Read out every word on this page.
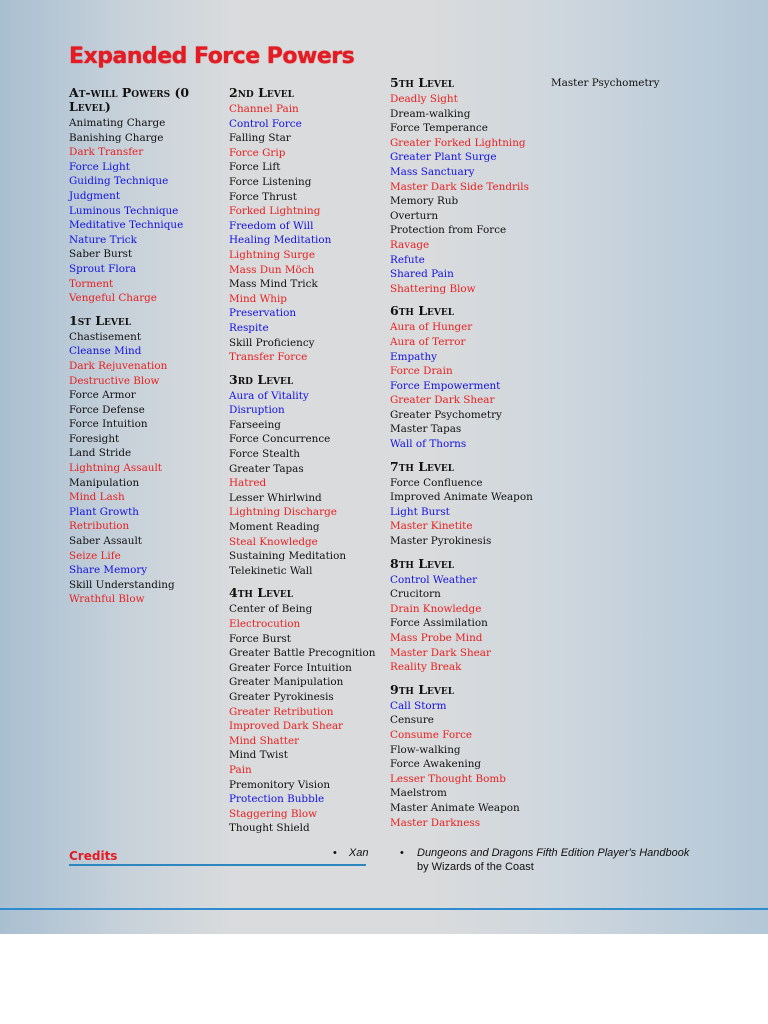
Expanded Force Powers
At-will Powers (0 Level)
Animating Charge
Banishing Charge
Dark Transfer
Force Light
Guiding Technique
Judgment
Luminous Technique
Meditative Technique
Nature Trick
Saber Burst
Sprout Flora
Torment
Vengeful Charge
1st Level
Chastisement
Cleanse Mind
Dark Rejuvenation
Destructive Blow
Force Armor
Force Defense
Force Intuition
Foresight
Land Stride
Lightning Assault
Manipulation
Mind Lash
Plant Growth
Retribution
Saber Assault
Seize Life
Share Memory
Skill Understanding
Wrathful Blow
2nd Level
Channel Pain
Control Force
Falling Star
Force Grip
Force Lift
Force Listening
Force Thrust
Forked Lightning
Freedom of Will
Healing Meditation
Lightning Surge
Mass Dun Möch
Mass Mind Trick
Mind Whip
Preservation
Respite
Skill Proficiency
Transfer Force
3rd Level
Aura of Vitality
Disruption
Farseeing
Force Concurrence
Force Stealth
Greater Tapas
Hatred
Lesser Whirlwind
Lightning Discharge
Moment Reading
Steal Knowledge
Sustaining Meditation
Telekinetic Wall
4th Level
Center of Being
Electrocution
Force Burst
Greater Battle Precognition
Greater Force Intuition
Greater Manipulation
Greater Pyrokinesis
Greater Retribution
Improved Dark Shear
Mind Shatter
Mind Twist
Pain
Premonitory Vision
Protection Bubble
Staggering Blow
Thought Shield
5th Level
Deadly Sight
Dream-walking
Force Temperance
Greater Forked Lightning
Greater Plant Surge
Mass Sanctuary
Master Dark Side Tendrils
Memory Rub
Overturn
Protection from Force
Ravage
Refute
Shared Pain
Shattering Blow
6th Level
Aura of Hunger
Aura of Terror
Empathy
Force Drain
Force Empowerment
Greater Dark Shear
Greater Psychometry
Master Tapas
Wall of Thorns
7th Level
Force Confluence
Improved Animate Weapon
Light Burst
Master Kinetite
Master Pyrokinesis
8th Level
Control Weather
Crucitorn
Drain Knowledge
Force Assimilation
Mass Probe Mind
Master Dark Shear
Reality Break
9th Level
Call Storm
Censure
Consume Force
Flow-walking
Force Awakening
Lesser Thought Bomb
Maelstrom
Master Animate Weapon
Master Darkness
Master Psychometry
Credits	• Dungeons and Dragons Fifth Edition Player's Handbook
by Wizards of the Coast
• Xan
